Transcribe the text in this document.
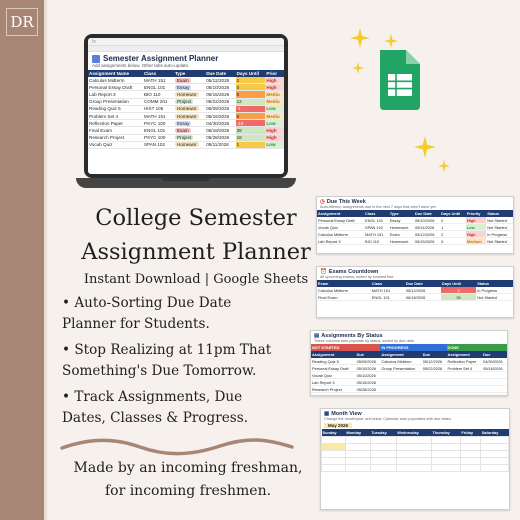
DR
fx
Semester Assignment Planner
Add assignments below. Other tabs auto-update.
Assignment Name	Class	Type	Due Date	Days Until	Prior
Calculus Midterm	MATH 151	Exam	05/12/2026	2	High
Personal Essay Draft	ENGL 101	Essay	05/10/2026	0	High
Lab Report 3	BIO 110	Homewor	05/15/2026	5	Mediu
Group Presentation	COMM 201	Project	05/22/2026	12	Mediu
Reading Quiz 5	HIST 105	Homewor	05/09/2026	-1	Low
Problem Set 4	MATH 151	Homewor	05/16/2026	6	Mediu
Reflection Paper	PSYC 100	Essay	04/30/2026	-10	Low
Final Exam	ENGL 101	Exam	06/18/2026	39	High
Research Project	PSYC 100	Project	05/28/2026	18	High
Vocab Quiz	SPAN 102	Homewor	05/11/2026	1	Low
College Semester
Assignment Planner
Instant Download | Google Sheets
• Auto-Sorting Due Date
Planner for Students.
• Stop Realizing at 11pm That
Something's Due Tomorrow.
• Track Assignments, Due
Dates, Classes & Progress.
Made by an incoming freshman,
for incoming freshmen.
◷ Due This Week
Auto-filtered: assignments due in the next 7 days that aren't done yet.
Assignment	Class	Type	Due Date	Days Until	Priority	Status
Personal Essay Draft	ENGL 101	Essay	05/10/2026	0	High	Not Started
Vocab Quiz	SPAN 102	Homework	05/11/2026	1	Low	Not Started
Calculus Midterm	MATH 151	Exam	05/12/2026	2	High	In Progress
Lab Report 3	BIO 110	Homework	05/15/2026	5	Medium	Not Started
⏰ Exams Countdown
All upcoming exams, sorted by soonest first.
Exam	Class	Due Date	Days Until	Status
Calculus Midterm	MATH 151	05/12/2026	2	In Progress
Final Exam	ENGL 101	06/18/2026	39	Not Started
▤ Assignments By Status
These columns auto-populate by status, sorted by due date.
NOT STARTED		IN PROGRESS		DONE	
Assignment	Due	Assignment	Due	Assignment	Due
Reading Quiz 5	05/09/2026	Calculus Midterm	05/12/2026	Reflection Paper	04/30/2026
Personal Essay Draft	05/10/2026	Group Presentation	05/22/2026	Problem Set 4	05/16/2026
Vocab Quiz	05/11/2026				
Lab Report 3	05/15/2026				
Research Project	05/28/2026				
Final Exam	06/18/2026				
▦ Month View
Change the month/year cell below. Calendar auto-populated with due dates.
May 2026
Sunday	Monday	Tuesday	Wednesday	Thursday	Friday	Saturday
